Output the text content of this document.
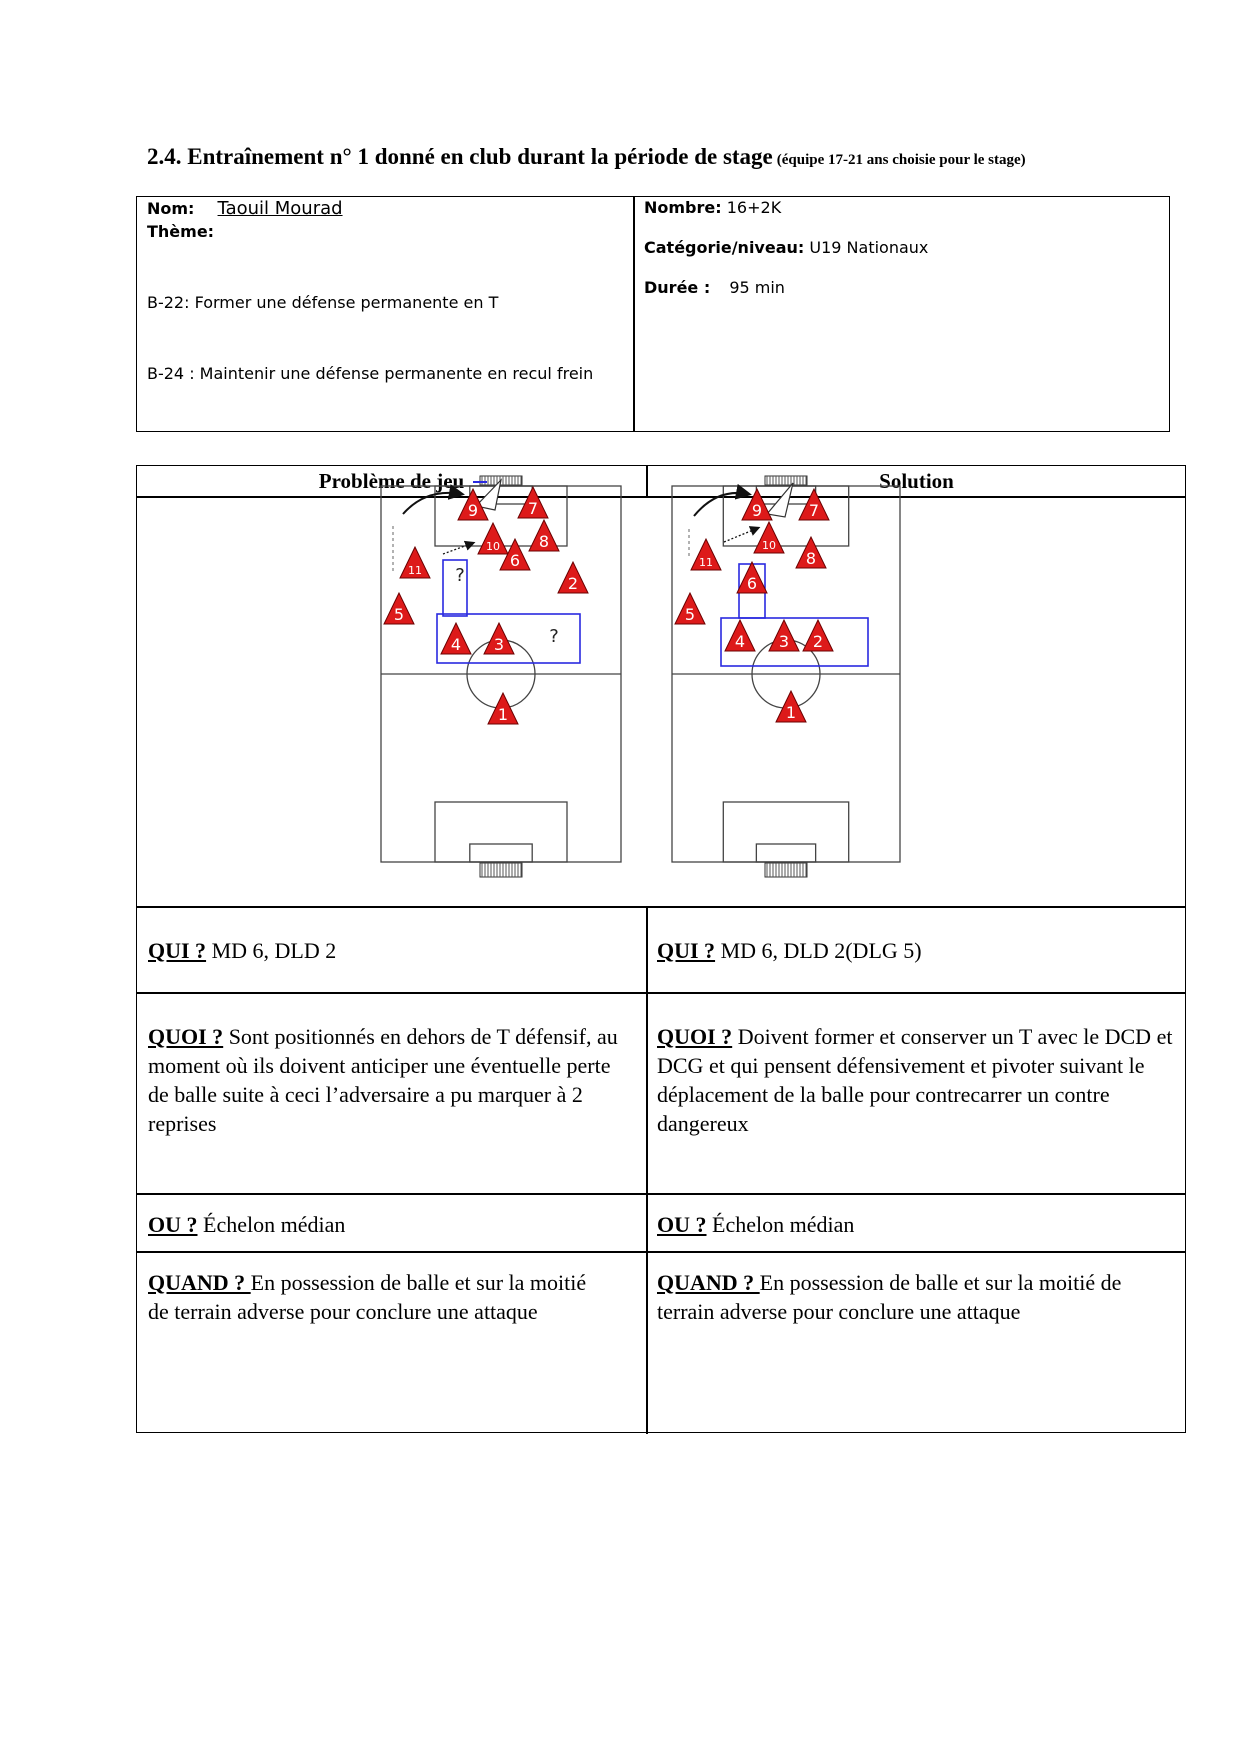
2.4. Entraînement n° 1 donné en club durant la période de stage (équipe 17-21 ans choisie pour le stage)
Nom: Taouil Mourad
Thème:
B-22: Former une défense permanente en T
B-24 : Maintenir une défense permanente en recul frein
Nombre: 16+2K
Catégorie/niveau: U19 Nationaux
Durée : 95 min
Problème de jeu	Solution
9	7
10 8
6
11
2
5
4 3
1
?
?
9	7
10
8
11
6
5
4 3 2
1
QUI ? MD 6, DLD 2	QUI ? MD 6, DLD 2(DLG 5)
QUOI ? Sont positionnés en dehors de T défensif, au moment où ils doivent anticiper une éventuelle perte de balle suite à ceci l’adversaire a pu marquer à 2 reprises
QUOI ? Doivent former et conserver un T avec le DCD et DCG et qui pensent défensivement et pivoter suivant le déplacement de la balle pour contrecarrer un contre dangereux
OU ? Échelon médian	OU ? Échelon médian
QUAND ? En possession de balle et sur la moitié de terrain adverse pour conclure une attaque
QUAND ? En possession de balle et sur la moitié de terrain adverse pour conclure une attaque
